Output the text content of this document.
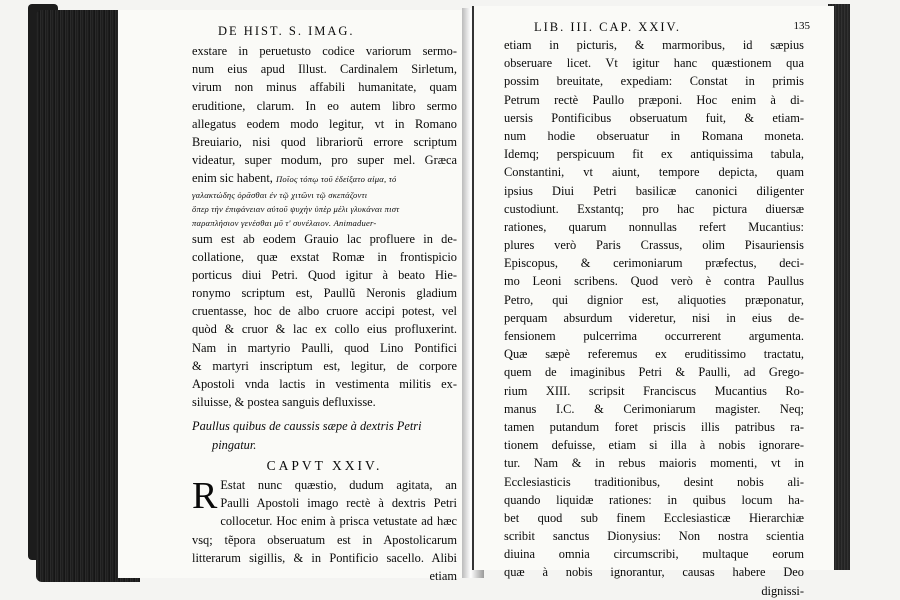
DE HIST. S. IMAG.
exstare in peruetusto codice variorum sermo-
num eius apud Illust. Cardinalem Sirletum,
virum non minus affabili humanitate, quam
eruditione, clarum. In eo autem libro sermo
allegatus eodem modo legitur, vt in Romano
Breuiario, nisi quod librariorũ errore scriptum
videatur, super modum, pro super mel. Græca
enim sic habent, Ποῖος τόπῳ τοῦ ἐδείξατο αἰμα, τό
γαλακτώδης ὁρᾶσθαι ἐν τῷ χιτῶνι τῷ σκεπάζοντι
ὅπερ τὴν ἐπιφάνειαν αὐτοῦ ψυχὴν ὑπὲρ μέλι γλυκάναι πιστ
παραπλήσιον γενέσθαι μῦ τ' συνέλαιον. Animaduer-
sum est ab eodem Grauio lac profluere in de-
collatione, quæ exstat Romæ in frontispicio
porticus diui Petri. Quod igitur à beato Hie-
ronymo scriptum est, Paullũ Neronis gladium
cruentasse, hoc de albo cruore accipi potest, vel
quòd & cruor & lac ex collo eius profluxerint.
Nam in martyrio Paulli, quod Lino Pontifici
& martyri inscriptum est, legitur, de corpore
Apostoli vnda lactis in vestimenta militis ex-
siluisse, & postea sanguis defluxisse.
Paullus quibus de caussis sæpe à dextris Petri
pingatur.
CAPVT XXIV.
R Estat nunc quæstio, dudum agitata, an
Paulli Apostoli imago rectè à dextris Petri
collocetur. Hoc enim à prisca vetustate ad hæc
vsq; tẽpora obseruatum est in Apostolicarum
litterarum sigillis, & in Pontificio sacello. Alibi
etiam
LIB. III. CAP. XXIV.	135
etiam in picturis, & marmoribus, id sæpius
obseruare licet. Vt igitur hanc quæstionem qua
possim breuitate, expediam: Constat in primis
Petrum rectè Paullo præponi. Hoc enim à di-
uersis Pontificibus obseruatum fuit, & etiam-
num hodie obseruatur in Romana moneta.
Idemq; perspicuum fit ex antiquissima tabula,
Constantini, vt aiunt, tempore depicta, quam
ipsius Diui Petri basilicæ canonici diligenter
custodiunt. Exstantq; pro hac pictura diuersæ
rationes, quarum nonnullas refert Mucantius:
plures verò Paris Crassus, olim Pisauriensis
Episcopus, & cerimoniarum præfectus, deci-
mo Leoni scribens. Quod verò è contra Paullus
Petro, qui dignior est, aliquoties præponatur,
perquam absurdum videretur, nisi in eius de-
fensionem pulcerrima occurrerent argumenta.
Quæ sæpè referemus ex eruditissimo tractatu,
quem de imaginibus Petri & Paulli, ad Grego-
rium XIII. scripsit Franciscus Mucantius Ro-
manus I.C. & Cerimoniarum magister. Neq;
tamen putandum foret priscis illis patribus ra-
tionem defuisse, etiam si illa à nobis ignorare-
tur. Nam & in rebus maioris momenti, vt in
Ecclesiasticis traditionibus, desint nobis ali-
quando liquidæ rationes: in quibus locum ha-
bet quod sub finem Ecclesiasticæ Hierarchiæ
scribit sanctus Dionysius: Non nostra scientia
diuina omnia circumscribi, multaque eorum
quæ à nobis ignorantur, causas habere Deo
dignissi-
